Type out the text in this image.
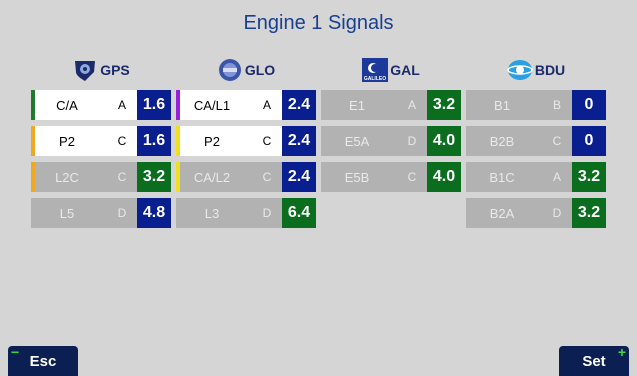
Engine 1 Signals
GPS
C/A	A	1.6
P2	C	1.6
L2C	C	3.2
L5	D	4.8
GLO
CA/L1	A	2.4
P2	C	2.4
CA/L2	C	2.4
L3	D	6.4
GALILEO
GAL
E1	A	3.2
E5A	D	4.0
E5B	C	4.0
BDU
B1	B	0
B2B	C	0
B1C	A	3.2
B2A	D	3.2
−
Esc
+
Set
